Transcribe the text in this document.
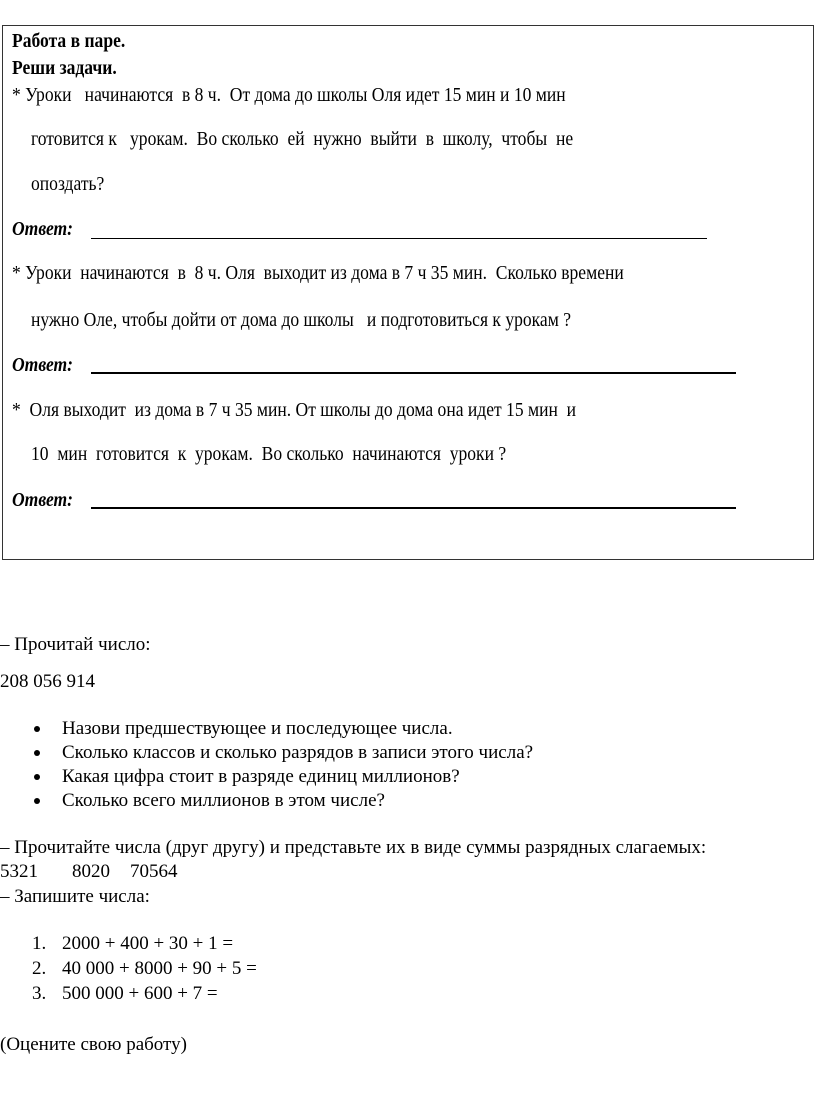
Работа в паре.
Реши задачи.
* Уроки   начинаются  в 8 ч.  От дома до школы Оля идет 15 мин и 10 мин
готовится к   урокам.  Во сколько  ей  нужно  выйти  в  школу,  чтобы  не
опоздать?
Ответ:
* Уроки  начинаются  в  8 ч. Оля  выходит из дома в 7 ч 35 мин.  Сколько времени
нужно Оле, чтобы дойти от дома до школы   и подготовиться к урокам ?
Ответ:
*  Оля выходит  из дома в 7 ч 35 мин. От школы до дома она идет 15 мин  и
10  мин  готовится  к  урокам.  Во сколько  начинаются  уроки ?
Ответ:
– Прочитай число:
208 056 914
Назови предшествующее и последующее числа.
Сколько классов и сколько разрядов в записи этого числа?
Какая цифра стоит в разряде единиц миллионов?
Сколько всего миллионов в этом числе?
– Прочитайте числа (друг другу) и представьте их в виде суммы разрядных слагаемых:
5321 8020 70564
– Запишите числа:
1. 2000 + 400 + 30 + 1 =
2. 40 000 + 8000 + 90 + 5 =
3. 500 000 + 600 + 7 =
(Оцените свою работу)
